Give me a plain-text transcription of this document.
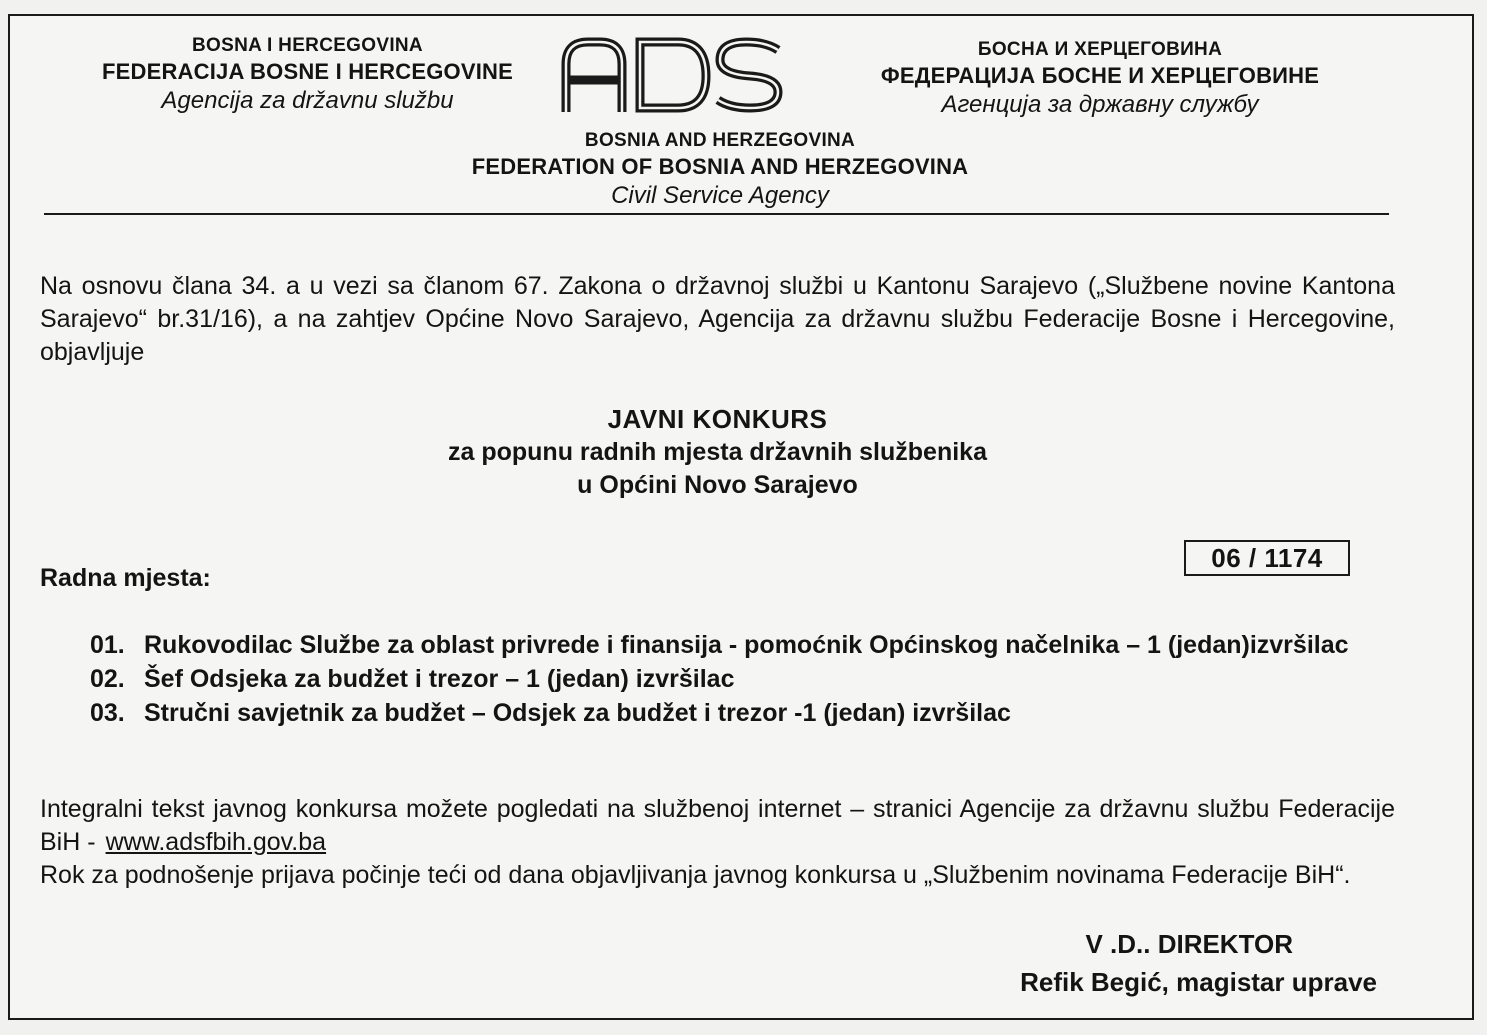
BOSNA I HERCEGOVINA
FEDERACIJA BOSNE I HERCEGOVINE
Agencija za državnu službu
ADS
БОСНА И ХЕРЦЕГОВИНА
ФЕДЕРАЦИЈА БОСНЕ И ХЕРЦЕГОВИНЕ
Агенција за државну службу
BOSNIA AND HERZEGOVINA
FEDERATION OF BOSNIA AND HERZEGOVINA
Civil Service Agency
Na osnovu člana 34. a u vezi sa članom 67. Zakona o državnoj službi u Kantonu Sarajevo („Službene novine Kantona Sarajevo“ br.31/16), a na zahtjev Općine Novo Sarajevo, Agencija za državnu službu Federacije Bosne i Hercegovine, objavljuje
JAVNI KONKURS
za popunu radnih mjesta državnih službenika
u Općini Novo Sarajevo
06 / 1174
Radna mjesta:
01. Rukovodilac Službe za oblast privrede i finansija - pomoćnik Općinskog načelnika – 1 (jedan)izvršilac
02. Šef Odsjeka za budžet i trezor – 1 (jedan) izvršilac
03. Stručni savjetnik za budžet – Odsjek za budžet i trezor -1 (jedan) izvršilac
Integralni tekst javnog konkursa možete pogledati na službenoj internet – stranici Agencije za državnu službu Federacije BiH - www.adsfbih.gov.ba
Rok za podnošenje prijava počinje teći od dana objavljivanja javnog konkursa u „Službenim novinama Federacije BiH“.
V .D.. DIREKTOR
Refik Begić, magistar uprave
